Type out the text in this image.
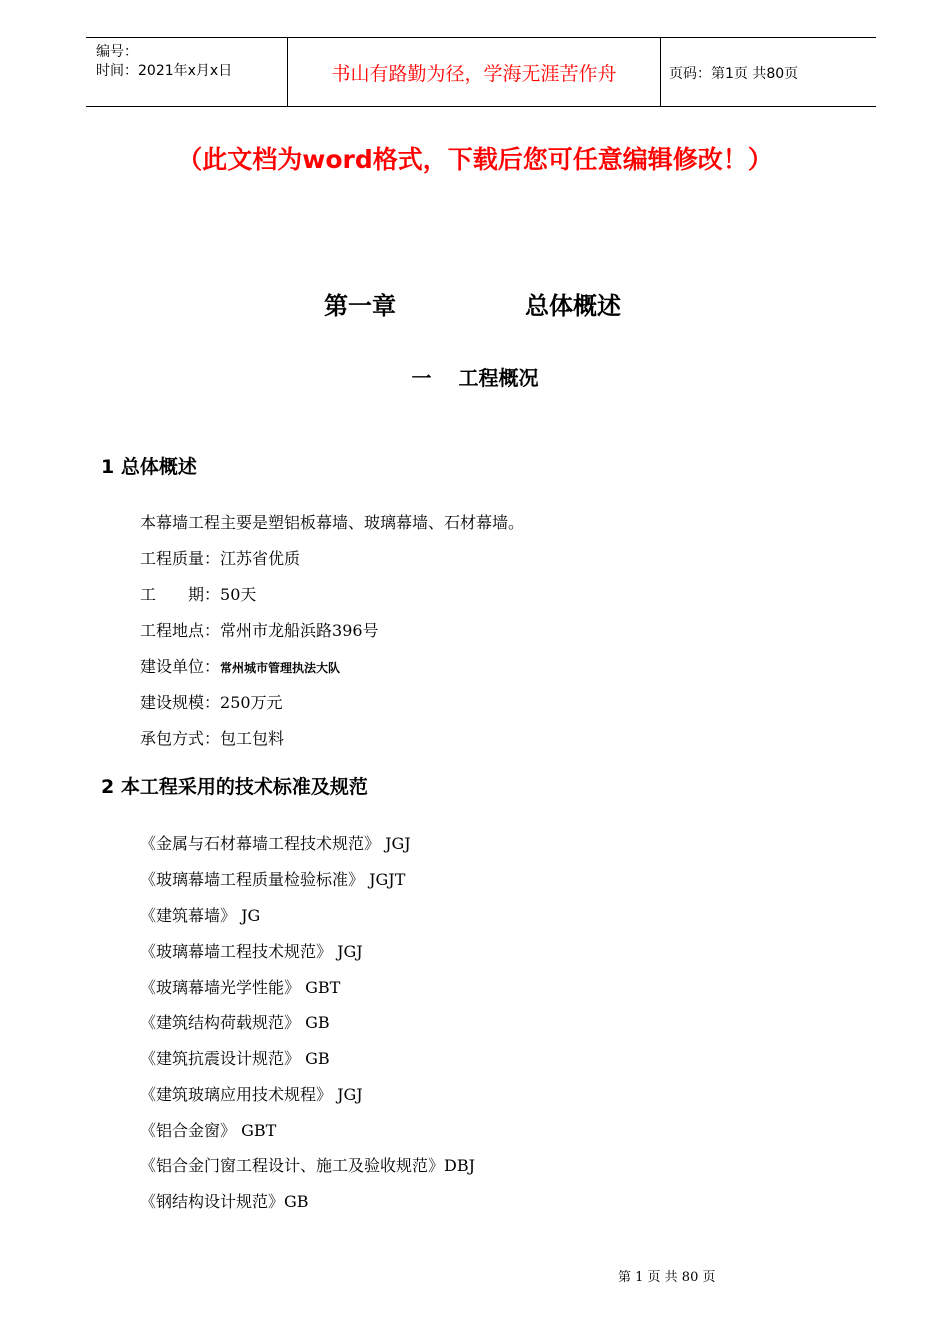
编号：
时间：2021年x月x日	书山有路勤为径，学海无涯苦作舟	页码：第1页 共80页
（此文档为word格式，下载后您可任意编辑修改！）
第一章	总体概述
一 工程概况
1 总体概述
本幕墙工程主要是塑铝板幕墙、玻璃幕墙、石材幕墙。
工程质量：江苏省优质
工　　期：50天
工程地点：常州市龙船浜路396号
建设单位：常州城市管理执法大队
建设规模：250万元
承包方式：包工包料
2 本工程采用的技术标准及规范
《金属与石材幕墙工程技术规范》 JGJ
《玻璃幕墙工程质量检验标准》 JGJT
《建筑幕墙》 JG
《玻璃幕墙工程技术规范》 JGJ
《玻璃幕墙光学性能》 GBT
《建筑结构荷载规范》 GB
《建筑抗震设计规范》 GB
《建筑玻璃应用技术规程》 JGJ
《铝合金窗》 GBT
《铝合金门窗工程设计、施工及验收规范》DBJ
《钢结构设计规范》GB
第 1 页 共 80 页
